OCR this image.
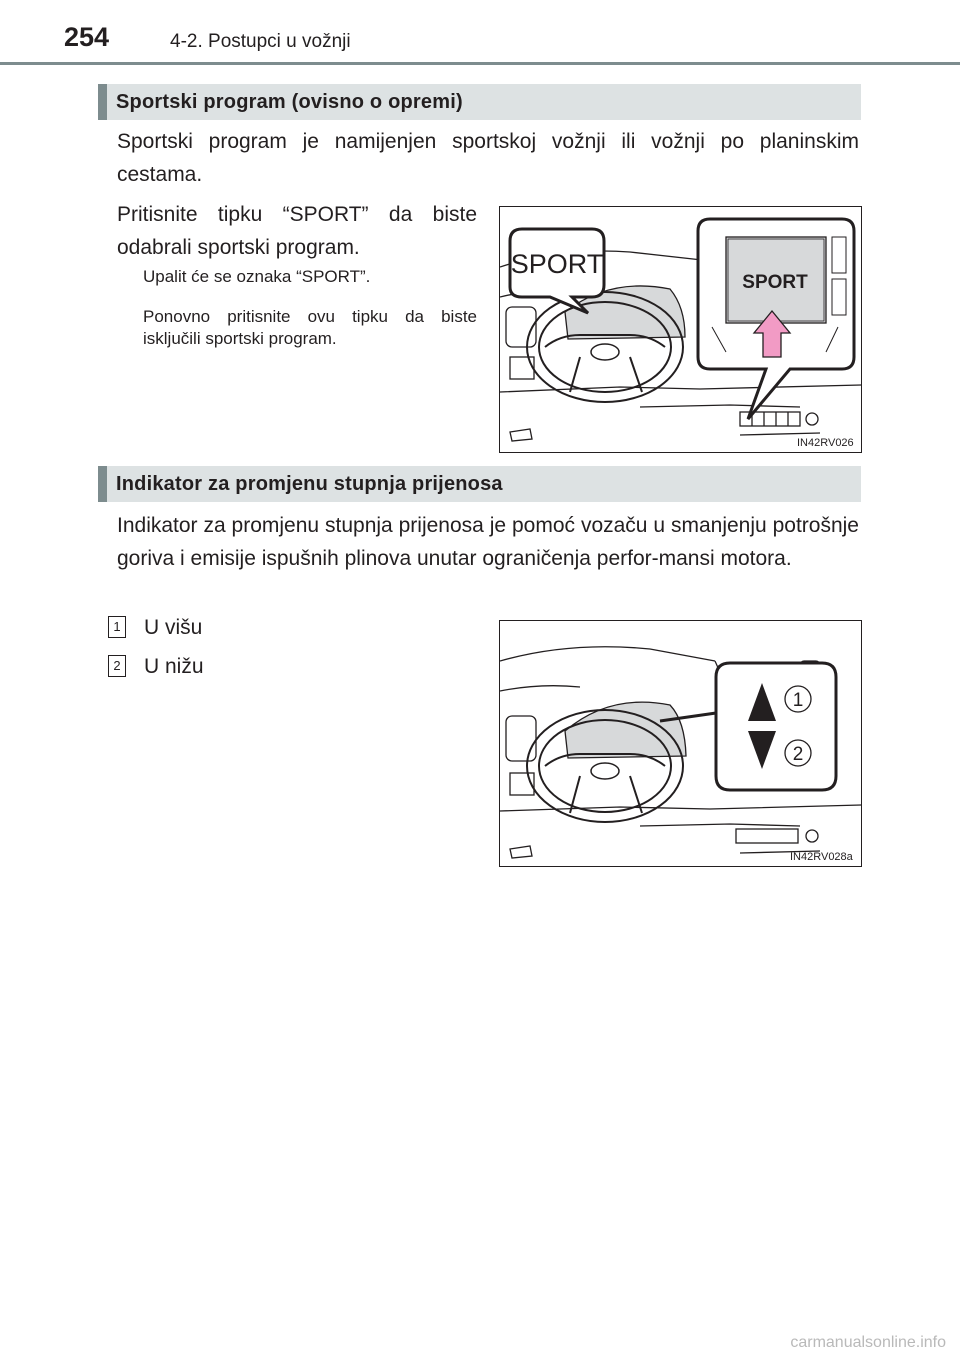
254	4-2. Postupci u vožnji
Sportski program (ovisno o opremi)
Sportski program je namijenjen sportskoj vožnji ili vožnji po planinskim cestama.
Pritisnite tipku “SPORT” da biste odabrali sportski program.
Upalit će se oznaka “SPORT”.
Ponovno pritisnite ovu tipku da biste isključili sportski program.
SPORT
SPORT
IN42RV026
Indikator za promjenu stupnja prijenosa
Indikator za promjenu stupnja prijenosa je pomoć vozaču u smanjenju potrošnje goriva i emisije ispušnih plinova unutar ograničenja perfor-mansi motora.
1 U višu
2 U nižu
1
2
IN42RV028a
carmanualsonline.info
